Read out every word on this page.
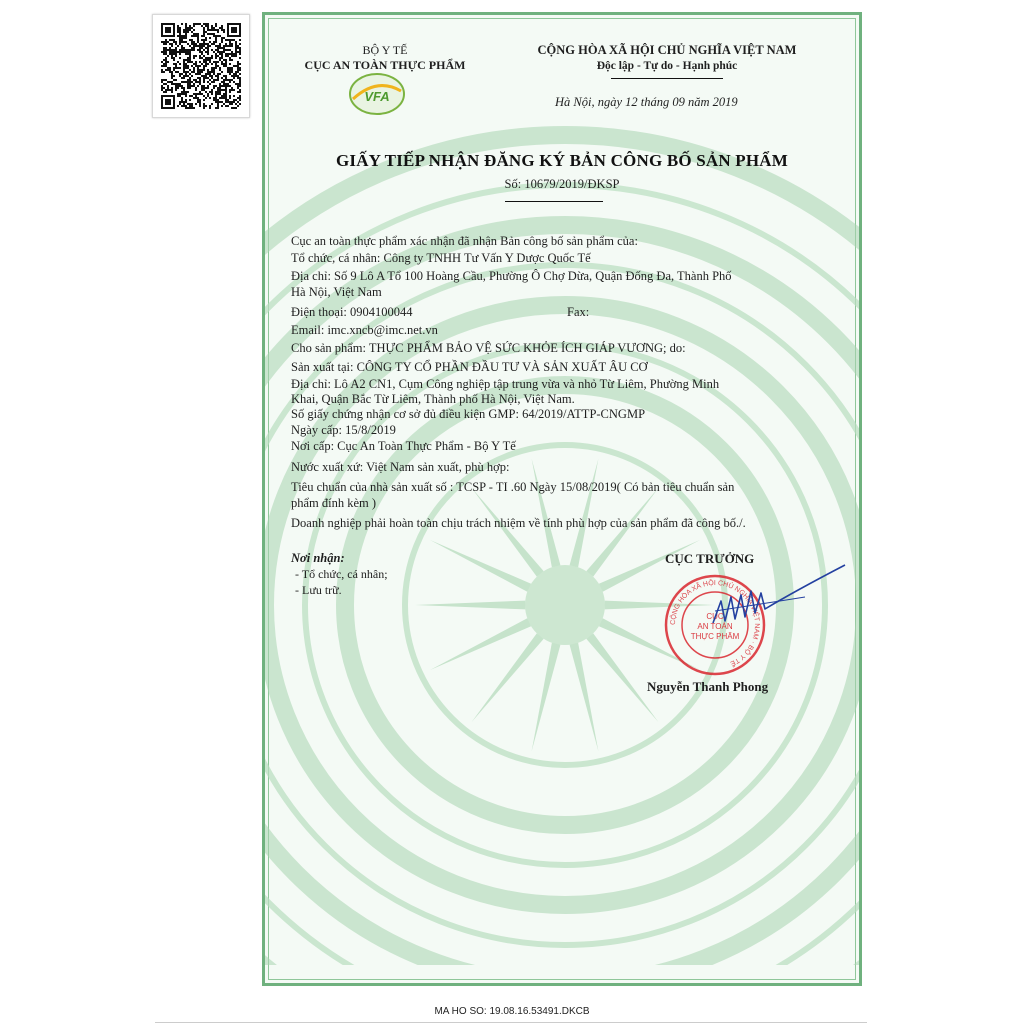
BỘ Y TẾ
CỤC AN TOÀN THỰC PHẨM
VFA
CỘNG HÒA XÃ HỘI CHỦ NGHĨA VIỆT NAM
Độc lập - Tự do - Hạnh phúc
Hà Nội, ngày 12 tháng 09 năm 2019
GIẤY TIẾP NHẬN ĐĂNG KÝ BẢN CÔNG BỐ SẢN PHẨM
Số: 10679/2019/ĐKSP
Cục an toàn thực phẩm xác nhận đã nhận Bản công bố sản phẩm của:
Tổ chức, cá nhân: Công ty TNHH Tư Vấn Y Dược Quốc Tế
Địa chỉ: Số 9 Lô A Tổ 100 Hoàng Cầu, Phường Ô Chợ Dừa, Quận Đống Đa, Thành Phố
Hà Nội, Việt Nam
Điện thoại: 0904100044	Fax:
Email: imc.xncb@imc.net.vn
Cho sản phẩm: THỰC PHẨM BẢO VỆ SỨC KHỎE ÍCH GIÁP VƯƠNG; do:
Sản xuất tại: CÔNG TY CỔ PHẦN ĐẦU TƯ VÀ SẢN XUẤT ÂU CƠ
Địa chỉ: Lô A2 CN1, Cụm Công nghiệp tập trung vừa và nhỏ Từ Liêm, Phường Minh
Khai, Quận Bắc Từ Liêm, Thành phố Hà Nội, Việt Nam.
Số giấy chứng nhận cơ sở đủ điều kiện GMP: 64/2019/ATTP-CNGMP
Ngày cấp: 15/8/2019
Nơi cấp: Cục An Toàn Thực Phẩm - Bộ Y Tế
Nước xuất xứ: Việt Nam sản xuất, phù hợp:
Tiêu chuẩn của nhà sản xuất số : TCSP - TI .60 Ngày 15/08/2019( Có bản tiêu chuẩn sản
phẩm đính kèm )
Doanh nghiệp phải hoàn toàn chịu trách nhiệm về tính phù hợp của sản phẩm đã công bố./.
Nơi nhận:
- Tổ chức, cá nhân;
- Lưu trữ.
CỤC TRƯỞNG
CỘNG HÒA XÃ HỘI CHỦ NGHĨA VIỆT NAM · BỘ Y TẾ
CỤC
AN TOÀN
THỰC PHẨM
Nguyễn Thanh Phong
MA HO SO: 19.08.16.53491.DKCB
